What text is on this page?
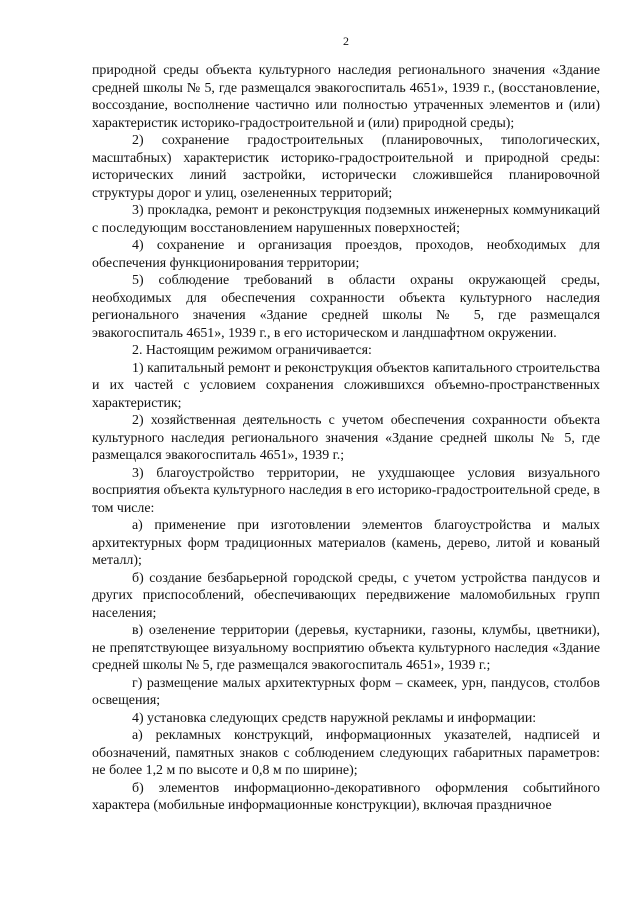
2

природной среды объекта культурного наследия регионального значения «Здание средней школы № 5, где размещался эвакогоспиталь 4651», 1939 г., (восстановление, воссоздание, восполнение частично или полностью утраченных элементов и (или) характеристик историко-градостроительной и (или) природной среды);

2) сохранение градостроительных (планировочных, типологических, масштабных) характеристик историко-градостроительной и природной среды: исторических линий застройки, исторически сложившейся планировочной структуры дорог и улиц, озелененных территорий;

3) прокладка, ремонт и реконструкция подземных инженерных коммуникаций с последующим восстановлением нарушенных поверхностей;

4) сохранение и организация проездов, проходов, необходимых для обеспечения функционирования территории;

5) соблюдение требований в области охраны окружающей среды, необходимых для обеспечения сохранности объекта культурного наследия регионального значения «Здание средней школы № 5, где размещался эвакогоспиталь 4651», 1939 г., в его историческом и ландшафтном окружении.

2. Настоящим режимом ограничивается:

1) капитальный ремонт и реконструкция объектов капитального строительства и их частей с условием сохранения сложившихся объемно-пространственных характеристик;

2) хозяйственная деятельность с учетом обеспечения сохранности объекта культурного наследия регионального значения «Здание средней школы № 5, где размещался эвакогоспиталь 4651», 1939 г.;

3) благоустройство территории, не ухудшающее условия визуального восприятия объекта культурного наследия в его историко-градостроительной среде, в том числе:

а) применение при изготовлении элементов благоустройства и малых архитектурных форм традиционных материалов (камень, дерево, литой и кованый металл);

б) создание безбарьерной городской среды, с учетом устройства пандусов и других приспособлений, обеспечивающих передвижение маломобильных групп населения;

в) озеленение территории (деревья, кустарники, газоны, клумбы, цветники), не препятствующее визуальному восприятию объекта культурного наследия «Здание средней школы № 5, где размещался эвакогоспиталь 4651», 1939 г.;

г) размещение малых архитектурных форм – скамеек, урн, пандусов, столбов освещения;

4) установка следующих средств наружной рекламы и информации:

а) рекламных конструкций, информационных указателей, надписей и обозначений, памятных знаков с соблюдением следующих габаритных параметров: не более 1,2 м по высоте и 0,8 м по ширине);

б) элементов информационно-декоративного оформления событийного характера (мобильные информационные конструкции), включая праздничное
